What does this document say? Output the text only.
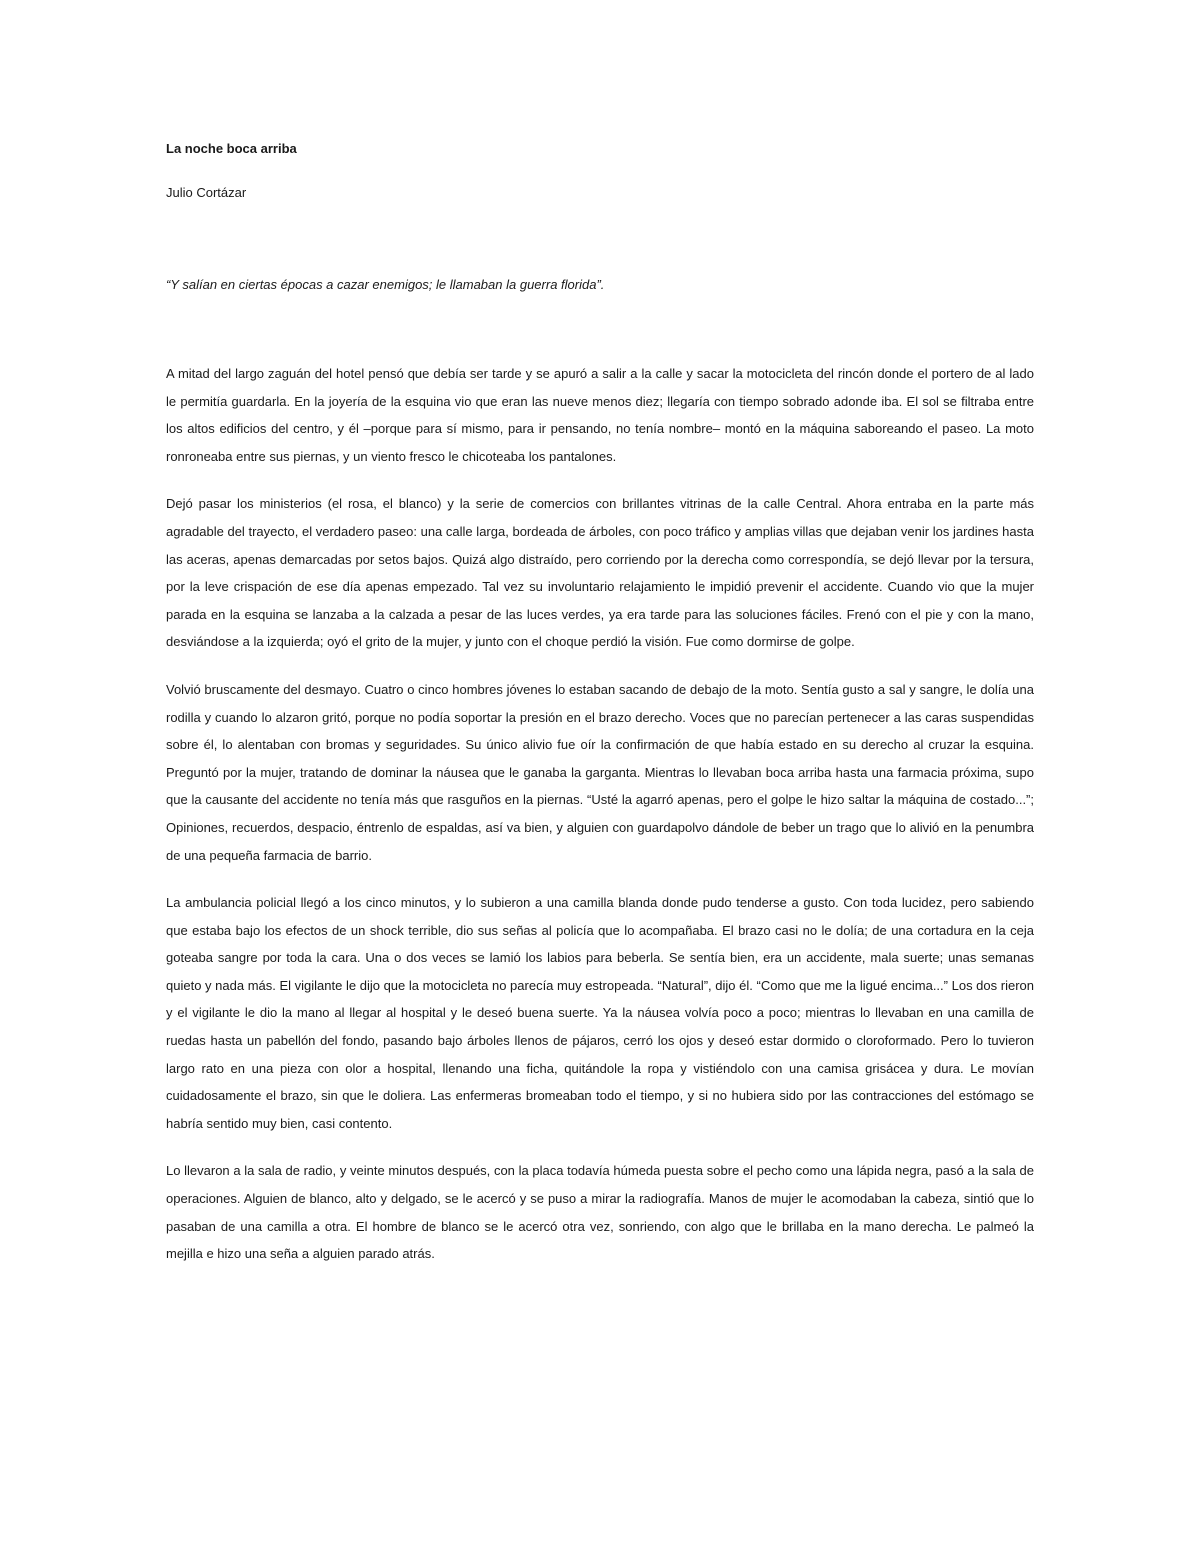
La noche boca arriba

Julio Cortázar

“Y salían en ciertas épocas a cazar enemigos; le llamaban la guerra florida”.

A mitad del largo zaguán del hotel pensó que debía ser tarde y se apuró a salir a la calle y sacar la motocicleta del rincón donde el portero de al lado le permitía guardarla. En la joyería de la esquina vio que eran las nueve menos diez; llegaría con tiempo sobrado adonde iba. El sol se filtraba entre los altos edificios del centro, y él –porque para sí mismo, para ir pensando, no tenía nombre– montó en la máquina saboreando el paseo. La moto ronroneaba entre sus piernas, y un viento fresco le chicoteaba los pantalones.

Dejó pasar los ministerios (el rosa, el blanco) y la serie de comercios con brillantes vitrinas de la calle Central. Ahora entraba en la parte más agradable del trayecto, el verdadero paseo: una calle larga, bordeada de árboles, con poco tráfico y amplias villas que dejaban venir los jardines hasta las aceras, apenas demarcadas por setos bajos. Quizá algo distraído, pero corriendo por la derecha como correspondía, se dejó llevar por la tersura, por la leve crispación de ese día apenas empezado. Tal vez su involuntario relajamiento le impidió prevenir el accidente. Cuando vio que la mujer parada en la esquina se lanzaba a la calzada a pesar de las luces verdes, ya era tarde para las soluciones fáciles. Frenó con el pie y con la mano, desviándose a la izquierda; oyó el grito de la mujer, y junto con el choque perdió la visión. Fue como dormirse de golpe.

Volvió bruscamente del desmayo. Cuatro o cinco hombres jóvenes lo estaban sacando de debajo de la moto. Sentía gusto a sal y sangre, le dolía una rodilla y cuando lo alzaron gritó, porque no podía soportar la presión en el brazo derecho. Voces que no parecían pertenecer a las caras suspendidas sobre él, lo alentaban con bromas y seguridades. Su único alivio fue oír la confirmación de que había estado en su derecho al cruzar la esquina. Preguntó por la mujer, tratando de dominar la náusea que le ganaba la garganta. Mientras lo llevaban boca arriba hasta una farmacia próxima, supo que la causante del accidente no tenía más que rasguños en la piernas. “Usté la agarró apenas, pero el golpe le hizo saltar la máquina de costado...”; Opiniones, recuerdos, despacio, éntrenlo de espaldas, así va bien, y alguien con guardapolvo dándole de beber un trago que lo alivió en la penumbra de una pequeña farmacia de barrio.

La ambulancia policial llegó a los cinco minutos, y lo subieron a una camilla blanda donde pudo tenderse a gusto. Con toda lucidez, pero sabiendo que estaba bajo los efectos de un shock terrible, dio sus señas al policía que lo acompañaba. El brazo casi no le dolía; de una cortadura en la ceja goteaba sangre por toda la cara. Una o dos veces se lamió los labios para beberla. Se sentía bien, era un accidente, mala suerte; unas semanas quieto y nada más. El vigilante le dijo que la motocicleta no parecía muy estropeada. “Natural”, dijo él. “Como que me la ligué encima...” Los dos rieron y el vigilante le dio la mano al llegar al hospital y le deseó buena suerte. Ya la náusea volvía poco a poco; mientras lo llevaban en una camilla de ruedas hasta un pabellón del fondo, pasando bajo árboles llenos de pájaros, cerró los ojos y deseó estar dormido o cloroformado. Pero lo tuvieron largo rato en una pieza con olor a hospital, llenando una ficha, quitándole la ropa y vistiéndolo con una camisa grisácea y dura. Le movían cuidadosamente el brazo, sin que le doliera. Las enfermeras bromeaban todo el tiempo, y si no hubiera sido por las contracciones del estómago se habría sentido muy bien, casi contento.

Lo llevaron a la sala de radio, y veinte minutos después, con la placa todavía húmeda puesta sobre el pecho como una lápida negra, pasó a la sala de operaciones. Alguien de blanco, alto y delgado, se le acercó y se puso a mirar la radiografía. Manos de mujer le acomodaban la cabeza, sintió que lo pasaban de una camilla a otra. El hombre de blanco se le acercó otra vez, sonriendo, con algo que le brillaba en la mano derecha. Le palmeó la mejilla e hizo una seña a alguien parado atrás.
